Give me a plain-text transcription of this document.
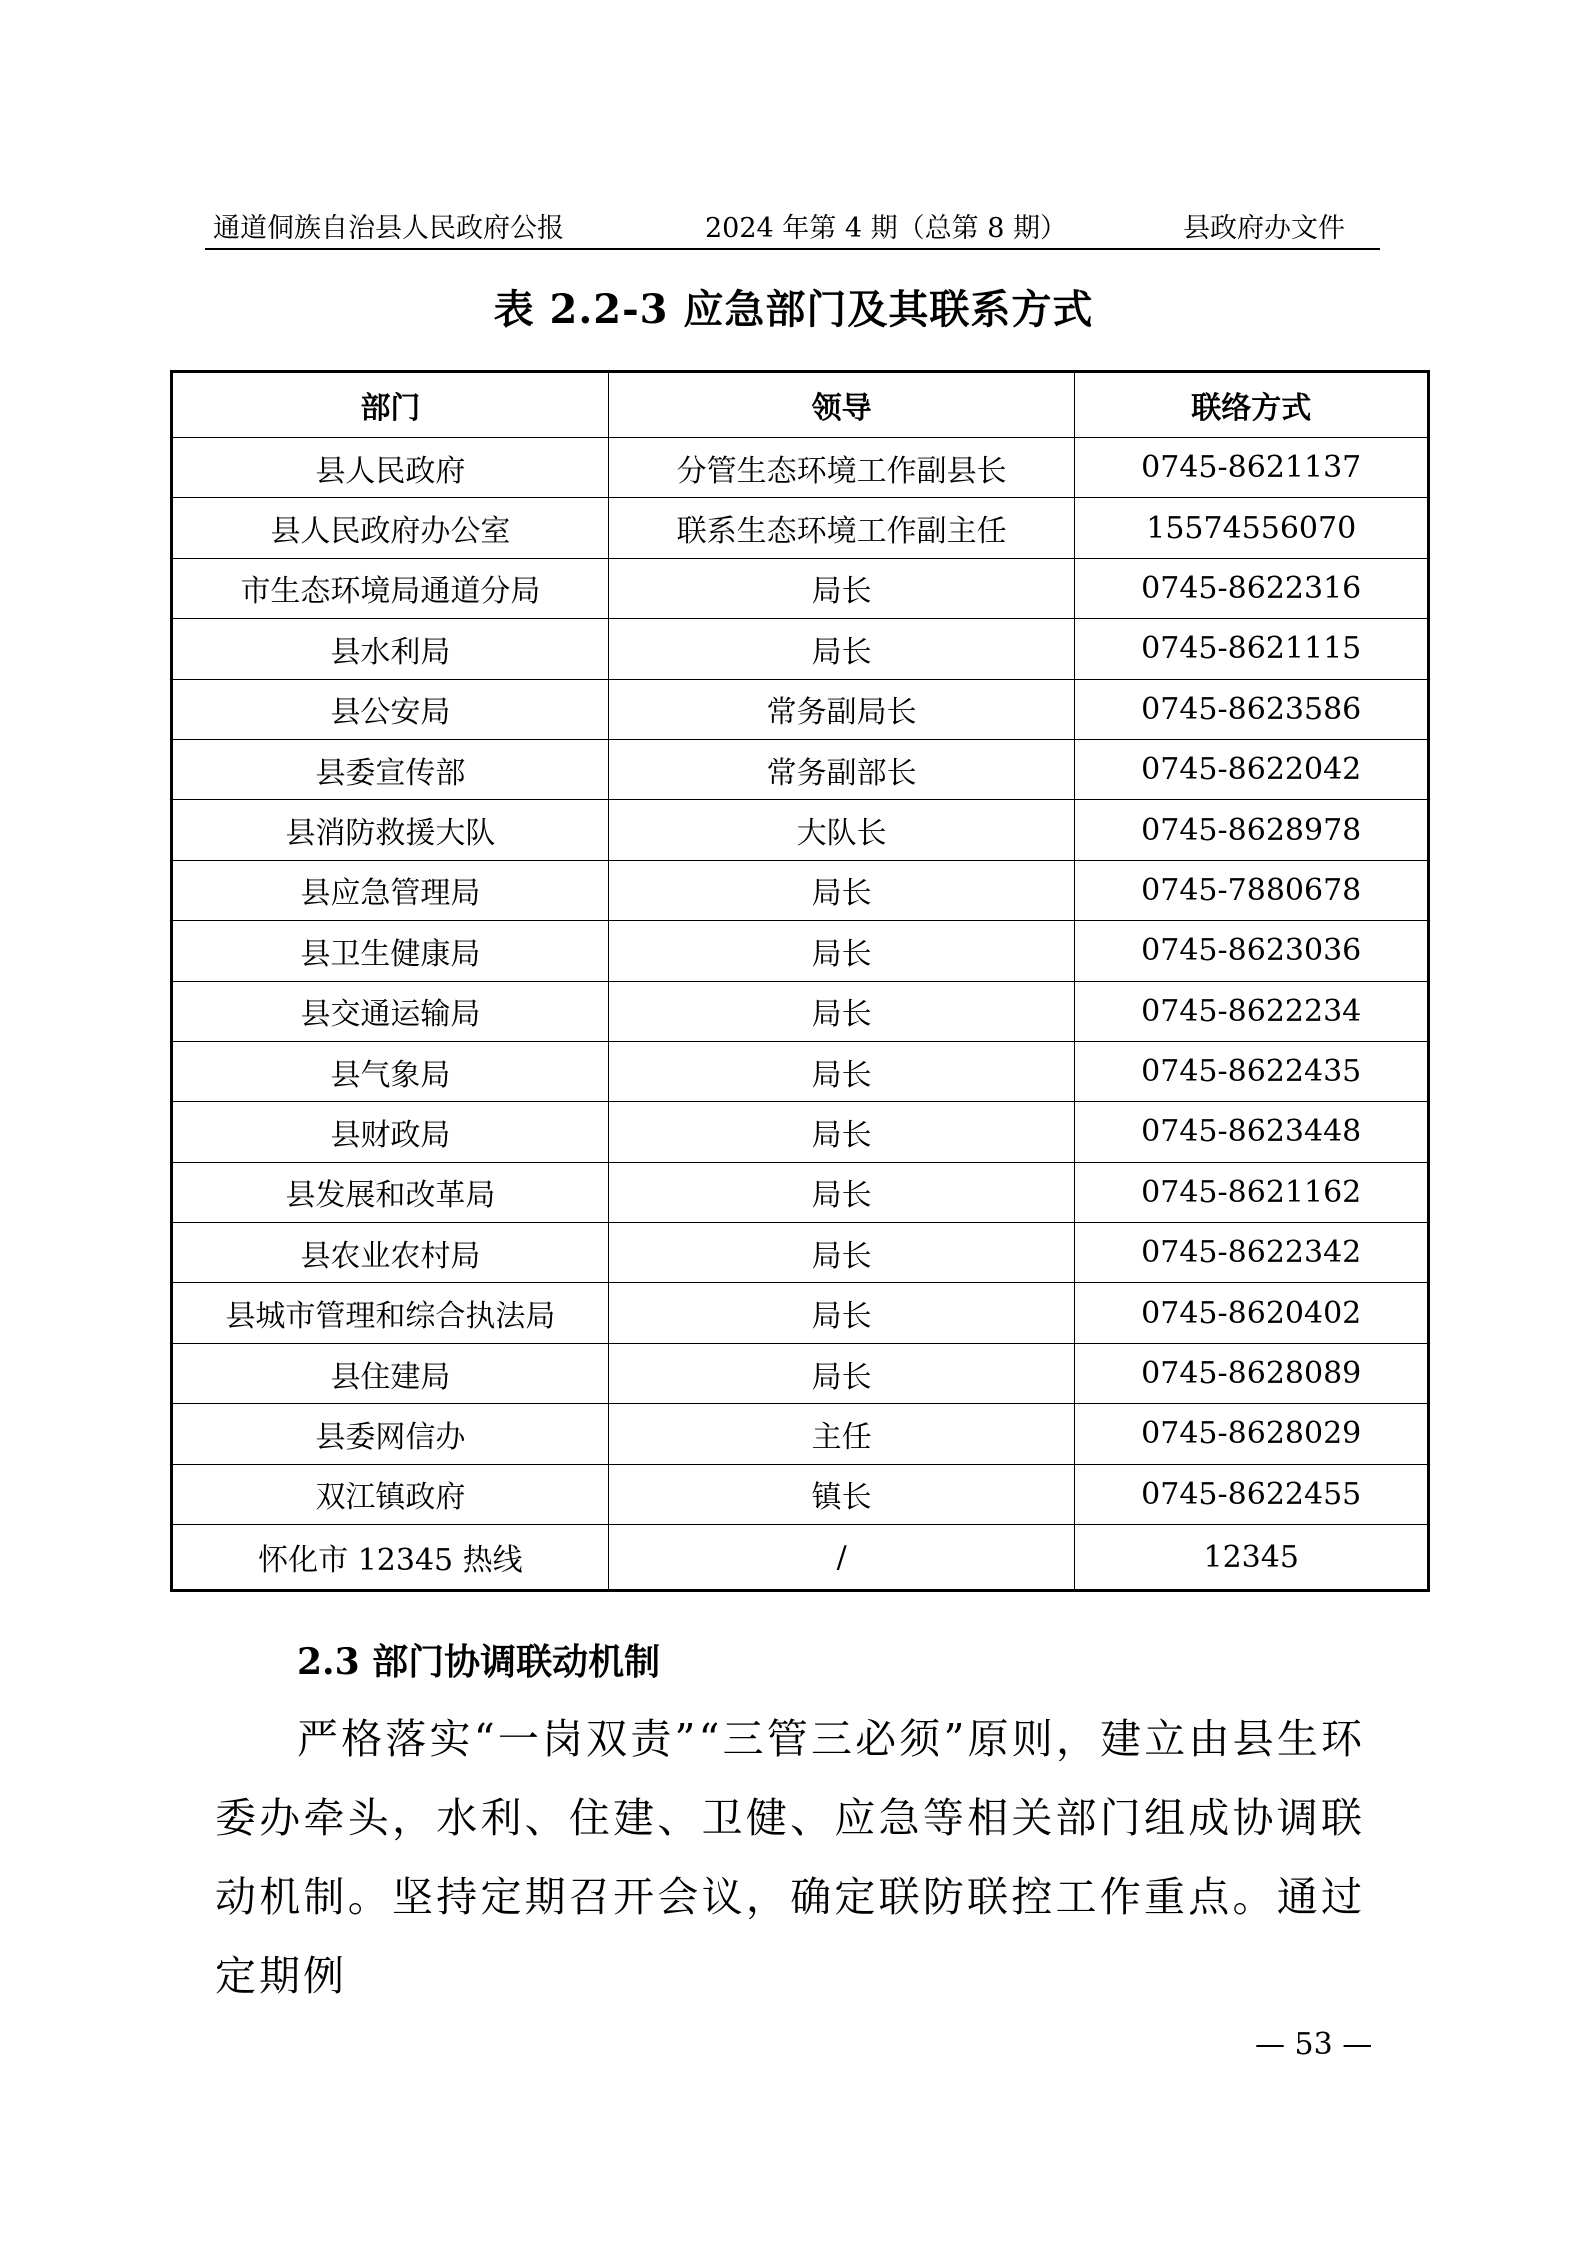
通道侗族自治县人民政府公报	2024 年第 4 期（总第 8 期）	县政府办文件
表 2.2-3 应急部门及其联系方式
部门	领导	联络方式
县人民政府	分管生态环境工作副县长	0745-8621137
县人民政府办公室	联系生态环境工作副主任	15574556070
市生态环境局通道分局	局长	0745-8622316
县水利局	局长	0745-8621115
县公安局	常务副局长	0745-8623586
县委宣传部	常务副部长	0745-8622042
县消防救援大队	大队长	0745-8628978
县应急管理局	局长	0745-7880678
县卫生健康局	局长	0745-8623036
县交通运输局	局长	0745-8622234
县气象局	局长	0745-8622435
县财政局	局长	0745-8623448
县发展和改革局	局长	0745-8621162
县农业农村局	局长	0745-8622342
县城市管理和综合执法局	局长	0745-8620402
县住建局	局长	0745-8628089
县委网信办	主任	0745-8628029
双江镇政府	镇长	0745-8622455
怀化市 12345 热线	/	12345
2.3 部门协调联动机制
严格落实“一岗双责”“三管三必须”原则，建立由县生环委办牵头，水利、住建、卫健、应急等相关部门组成协调联动机制。坚持定期召开会议，确定联防联控工作重点。通过定期例
— 53 —
